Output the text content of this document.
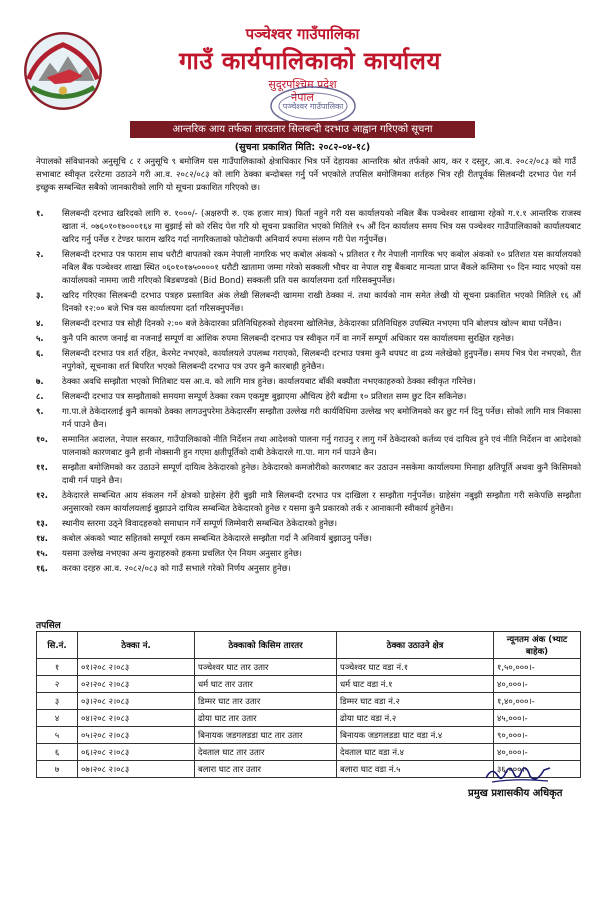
पञ्चेश्वर गाउँपालिका
गाउँ कार्यपालिकाको कार्यालय
सुदूरपश्चिम प्रदेश
नेपाल
पञ्चेश्वर गाउँपालिका
आन्तरिक आय तर्फका तारउतार सिलबन्दी दरभाउ आह्वान गरिएको सूचना
(सुचना प्रकाशित मिति: २०८२-०४-१८)
नेपालको संविधानको अनुसूचि ८ र अनुसूचि ९ बमोजिम यस गाउँपालिकाको क्षेत्राधिकार भित्र पर्ने देहायका आन्तरिक श्रोत तर्फको आय, कर र दस्तुर, आ.व. २०८२/०८३ को गाउँ सभाबाट स्वीकृत दररेटमा उठाउने गरी आ.व. २०८२/०८३ को लागि ठेक्का बन्दोबस्त गर्नु पर्ने भएकोले तपसिल बमोजिमका शर्तहरु भित्र रही रीतपूर्वक सिलबन्दी दरभाउ पेश गर्न इच्छुक सम्बन्धित सबैको जानकारीको लागि यो सूचना प्रकाशित गरिएको छ।
१.	सिलबन्दी दरभाउ खरिदको लागि रु. १०००/- (अक्षरुपी रु. एक हजार मात्र) फिर्ता नहुने गरी यस कार्यालयको नबिल बैंक पञ्चेश्वर शाखामा रहेको ग.१.१ आन्तरिक राजस्व खाता नं. ०७६०१०१७०००१६४ मा बुझाई सो को रसिद पेश गरि यो सूचना प्रकाशित भएको मितिले १५ औं दिन कार्यालय समय भित्र यस पञ्चेश्वर गाउँपालिकाको कार्यालयबाट खरिद गर्नु पर्नेछ र टेण्डर फाराम खरिद गर्दा नागरिकताको फोटोकपी अनिवार्य रुपमा संलग्न गरी पेश गर्नुपर्नेछ।
२.	सिलबन्दी दरभाउ पत्र फाराम साथ धरौटी बापतको रकम नेपाली नागरिक भए कबोल अंकको ५ प्रतिशत र गैर नेपाली नागरिक भए कबोल अंकको १० प्रतिशत यस कार्यालयको नबिल बैंक पञ्चेश्वर शाखा स्थित ०६०१०१७५००००१ धरौटी खातामा जम्मा गरेको सक्कली भौचर वा नेपाल राष्ट्र बैंकबाट मान्यता प्राप्त बैंकले कम्तिमा ९० दिन म्याद भएको यस कार्यालयको नाममा जारी गरिएको बिडबण्डको (Bid Bond) सक्कली प्रति यस कार्यालयमा दर्ता गरिसक्नुपर्नेछ।
३.	खरिद गरिएका सिलबन्दी दरभाउ पत्रहरु प्रस्तावित अंक लेखी सिलबन्दी खाममा राखी ठेक्का नं. तथा कार्यको नाम समेत लेखी यो सूचना प्रकाशित भएको मितिले १६ औं दिनको १२:०० बजे भित्र यस कार्यालयमा दर्ता गरिसक्नुपर्नेछ।
४.	सिलबन्दी दरभाउ पत्र सोही दिनको २:०० बजे ठेकेदारका प्रतिनिधिहरुको रोहवरमा खोलिनेछ, ठेकेदारका प्रतिनिधिहरु उपस्थित नभएमा पनि बोलपत्र खोल्न बाधा पर्नेछैन।
५.	कुनै पनि कारण जनाई वा नजनाई सम्पूर्ण वा आंशिक रुपमा सिलबन्दी दरभाउ पत्र स्वीकृत गर्ने वा नगर्ने सम्पूर्ण अधिकार यस कार्यालयमा सुरक्षित रहनेछ।
६.	सिलबन्दी दरभाउ पत्र शर्त रहित, केरमेट नभएको, कार्यालयले उपलब्ध गराएको, सिलबन्दी दरभाउ पत्रमा कुनै थपघट वा द्रव्य नलेखेको हुनुपर्नेछ। समय भित्र पेश नभएको, रीत नपुगेको, सूचनाका शर्त बिपरित भएको सिलबन्दी दरभाउ पत्र उपर कुनै कारबाही हुनेछैन।
७.	ठेक्का अवधि सम्झौता भएको मितिबाट यस आ.व. को लागि मात्र हुनेछ। कार्यालयबाट बाँकी बक्यौता नभएकाहरुको ठेक्का स्वीकृत गरिनेछ।
८.	सिलबन्दी दरभाउ पत्र सम्झौताको समयमा सम्पूर्ण ठेक्का रकम एकमुष्ट बुझाएमा औचित्य हेरी बढीमा १० प्रतिशत सम्म छुट दिन सकिनेछ।
९.	गा.पा.ले ठेकेदारलाई कुनै कामको ठेक्का लागउनुपरेमा ठेकेदारसँग सम्झौता उल्लेख गरी कार्यविधिमा उल्लेख भए बमोजिमको कर छुट गर्न दिनु पर्नेछ। सोको लागि मात्र निकासा गर्न पाउने छैन।
१०.	सम्मानित अदालत, नेपाल सरकार, गाउँपालिकाको नीति निर्देशन तथा आदेशको पालना गर्नु गराउनु र लागु गर्ने ठेकेदारको कर्तव्य एवं दायित्व हुने एवं नीति निर्देशन वा आदेशको पालनाको कारणबाट कुनै हानी नोक्सानी हुन गएमा क्षतीपूर्तिको दाबी ठेकेदारले गा.पा. माग गर्न पाउने छैन।
११.	सम्झौता बमोजिमको कर उठाउने सम्पूर्ण दायित्व ठेकेदारको हुनेछ। ठेकेदारको कमजोरीको कारणबाट कर उठाउन नसकेमा कार्यालयमा मिनाहा क्षतिपूर्ति अथवा कुनै किसिमको दाबी गर्न पाइने छैन।
१२.	ठेकेदारले सम्बन्धित आय संकलन गर्ने क्षेत्रको ग्राहेसंग हेरी बुझी मात्रै सिलबन्दी दरभाउ पत्र दाखिला र सम्झौता गर्नुपर्नेछ। ग्राहेसंग नबुझी सम्झौता गरी सकेपछि सम्झौता अनुसारको रकम कार्यालयलाई बुझाउने दायित्व सम्बन्धित ठेकेदारको हुनेछ र यसमा कुनै प्रकारको तर्क र आनाकानी स्वीकार्य हुनेछैन।
१३.	स्थानीय स्तरमा उठ्ने विवादहरुको समाधान गर्ने सम्पूर्ण जिम्मेवारी सम्बन्धित ठेकेदारको हुनेछ।
१४.	कबोल अंकको भ्याट सहितको सम्पूर्ण रकम सम्बन्धित ठेकेदारले सम्झौता गर्दा नै अनिवार्य बुझाउनु पर्नेछ।
१५.	यसमा उल्लेख नभएका अन्य कुराहरुको हकमा प्रचलित ऐन नियम अनुसार हुनेछ।
१६.	करका दरहरु आ.व. २०८२/०८३ को गाउँ सभाले गरेको निर्णय अनुसार हुनेछ।
तपसिल
सि.नं.	ठेक्का नं.	ठेक्काको किसिम तारतर	ठेक्का उठाउने क्षेत्र	न्यूनतम अंक (भ्याट बाहेक)
१	०१।२०८ २।०८३	पञ्चेश्वर घाट तार उतार	पञ्चेश्वर घाट वडा नं.१	१,५०,०००।-
२	०२।२०८ २।०८३	धर्म घाट तार उतार	धर्म घाट वडा नं.१	४०,०००।-
३	०३।२०८ २।०८३	डिम्मर घाट तार उतार	डिम्मर घाट वडा नं.२	१,४०,०००।-
४	०४।२०८ २।०८३	ढोया घाट तार उतार	ढोया घाट वडा नं.२	४५,०००।-
५	०५।२०८ २।०८३	बिनायक जडगलडडा घाट तार उतार	बिनायक जडगलडडा घाट वडा नं.४	९०,०००।-
६	०६।२०८ २।०८३	देवताल घाट तार उतार	देवताल घाट वडा नं.४	४०,०००।-
७	०७।२०८ २।०८३	बलारा घाट तार उतार	बलारा घाट वडा नं.५	३६,०००।-
प्रमुख प्रशासकीय अधिकृत
